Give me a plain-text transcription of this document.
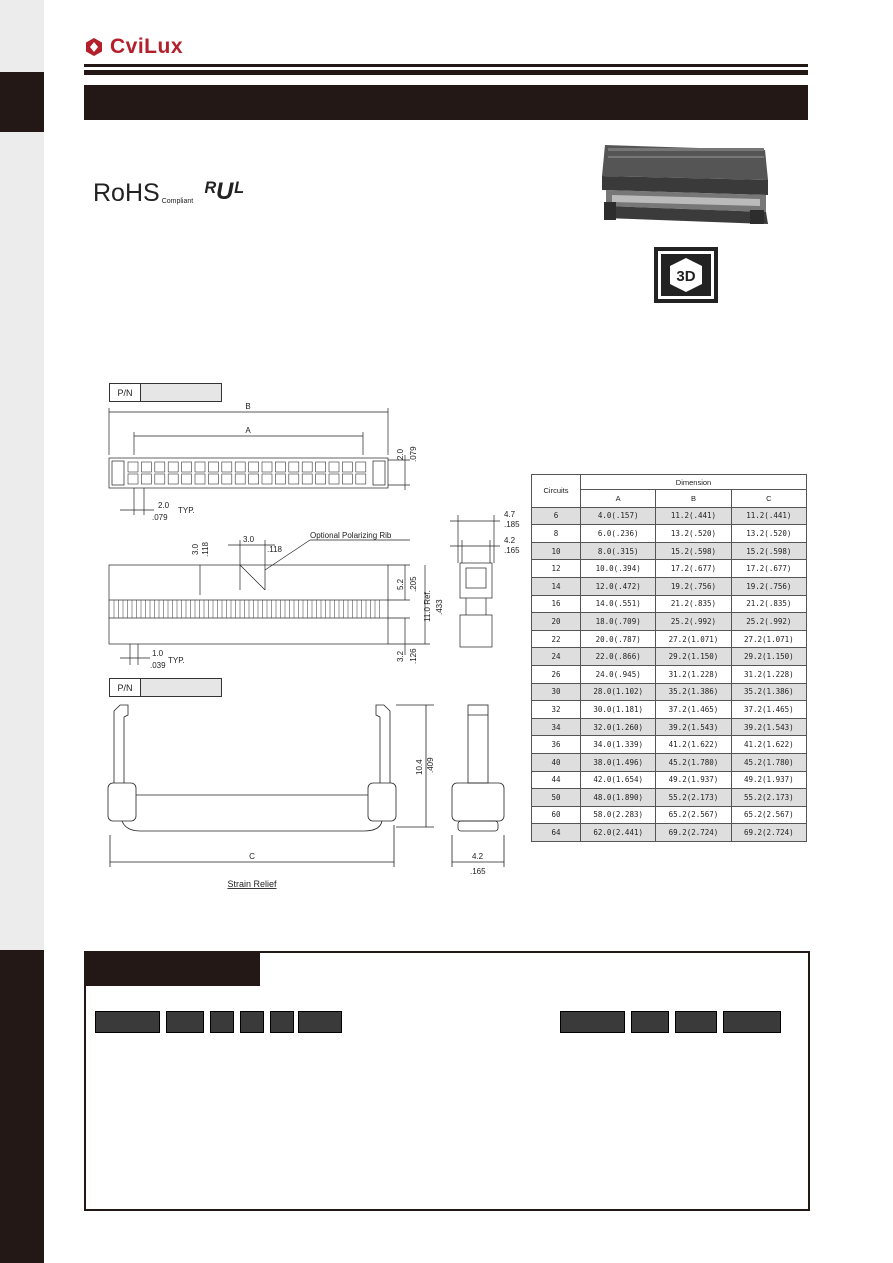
CviLux
RoHS Compliant ᴿUᴸ
3D
P/N
B
A
2.0 .079
2.0
TYP.
.079
3.0
.118
3.0 .118
Optional Polarizing Rib
5.2 .205
11.0 Ref. .433
3.2 .126
1.0
TYP.
.039
4.7
.185
4.2
.165
P/N
C
10.4 .409
4.2
.165
Strain Relief
Circuits	Dimension		
	A	B	C
6	4.0(.157)	11.2(.441)	11.2(.441)
8	6.0(.236)	13.2(.520)	13.2(.520)
10	8.0(.315)	15.2(.598)	15.2(.598)
12	10.0(.394)	17.2(.677)	17.2(.677)
14	12.0(.472)	19.2(.756)	19.2(.756)
16	14.0(.551)	21.2(.835)	21.2(.835)
20	18.0(.709)	25.2(.992)	25.2(.992)
22	20.0(.787)	27.2(1.071)	27.2(1.071)
24	22.0(.866)	29.2(1.150)	29.2(1.150)
26	24.0(.945)	31.2(1.228)	31.2(1.228)
30	28.0(1.102)	35.2(1.386)	35.2(1.386)
32	30.0(1.181)	37.2(1.465)	37.2(1.465)
34	32.0(1.260)	39.2(1.543)	39.2(1.543)
36	34.0(1.339)	41.2(1.622)	41.2(1.622)
40	38.0(1.496)	45.2(1.780)	45.2(1.780)
44	42.0(1.654)	49.2(1.937)	49.2(1.937)
50	48.0(1.890)	55.2(2.173)	55.2(2.173)
60	58.0(2.283)	65.2(2.567)	65.2(2.567)
64	62.0(2.441)	69.2(2.724)	69.2(2.724)
